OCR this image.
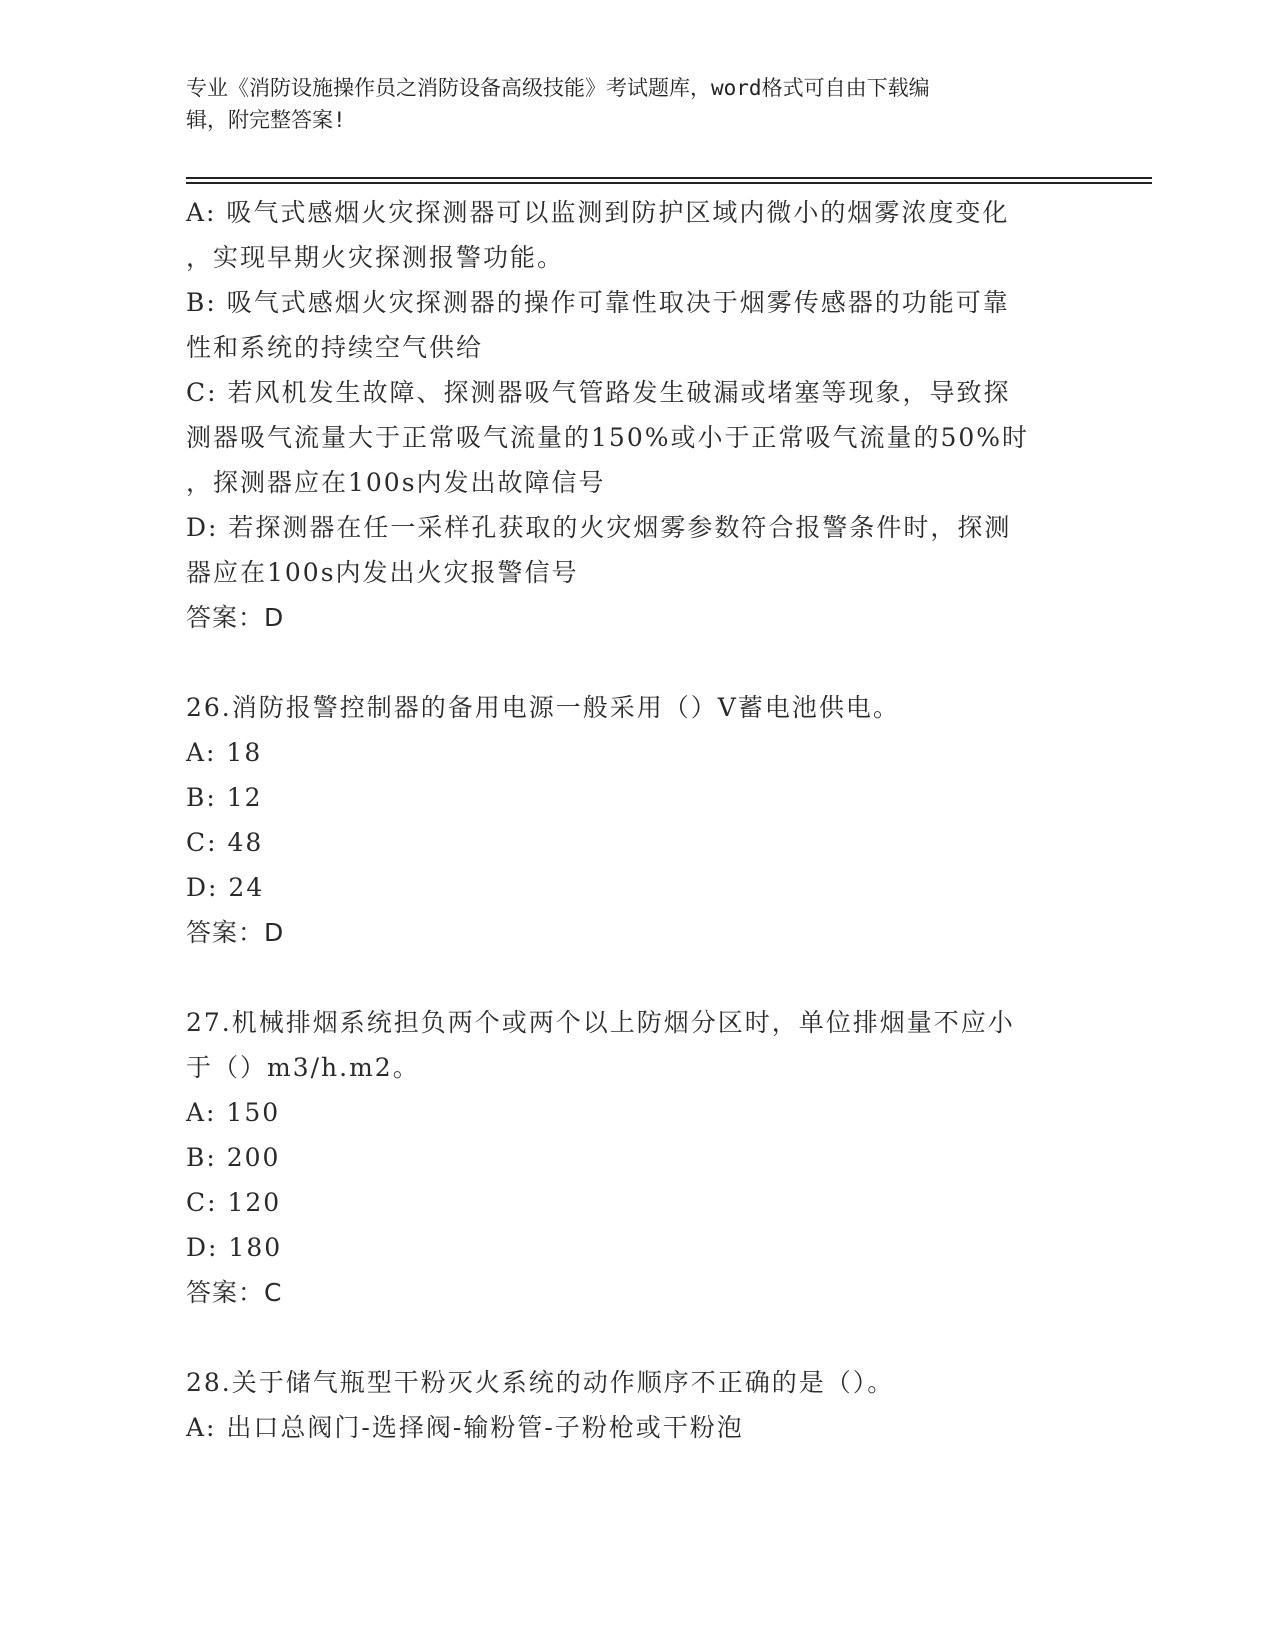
专业《消防设施操作员之消防设备高级技能》考试题库，word格式可自由下载编
辑，附完整答案!
A: 吸气式感烟火灾探测器可以监测到防护区域内微小的烟雾浓度变化
，实现早期火灾探测报警功能。
B: 吸气式感烟火灾探测器的操作可靠性取决于烟雾传感器的功能可靠
性和系统的持续空气供给
C: 若风机发生故障、探测器吸气管路发生破漏或堵塞等现象，导致探
测器吸气流量大于正常吸气流量的150%或小于正常吸气流量的50%时
，探测器应在100s内发出故障信号
D: 若探测器在任一采样孔获取的火灾烟雾参数符合报警条件时，探测
器应在100s内发出火灾报警信号
答案：D
26.消防报警控制器的备用电源一般采用（）V蓄电池供电。
A: 18
B: 12
C: 48
D: 24
答案：D
27.机械排烟系统担负两个或两个以上防烟分区时，单位排烟量不应小
于（）m3/h.m2。
A: 150
B: 200
C: 120
D: 180
答案：C
28.关于储气瓶型干粉灭火系统的动作顺序不正确的是（）。
A: 出口总阀门-选择阀-输粉管-子粉枪或干粉泡
